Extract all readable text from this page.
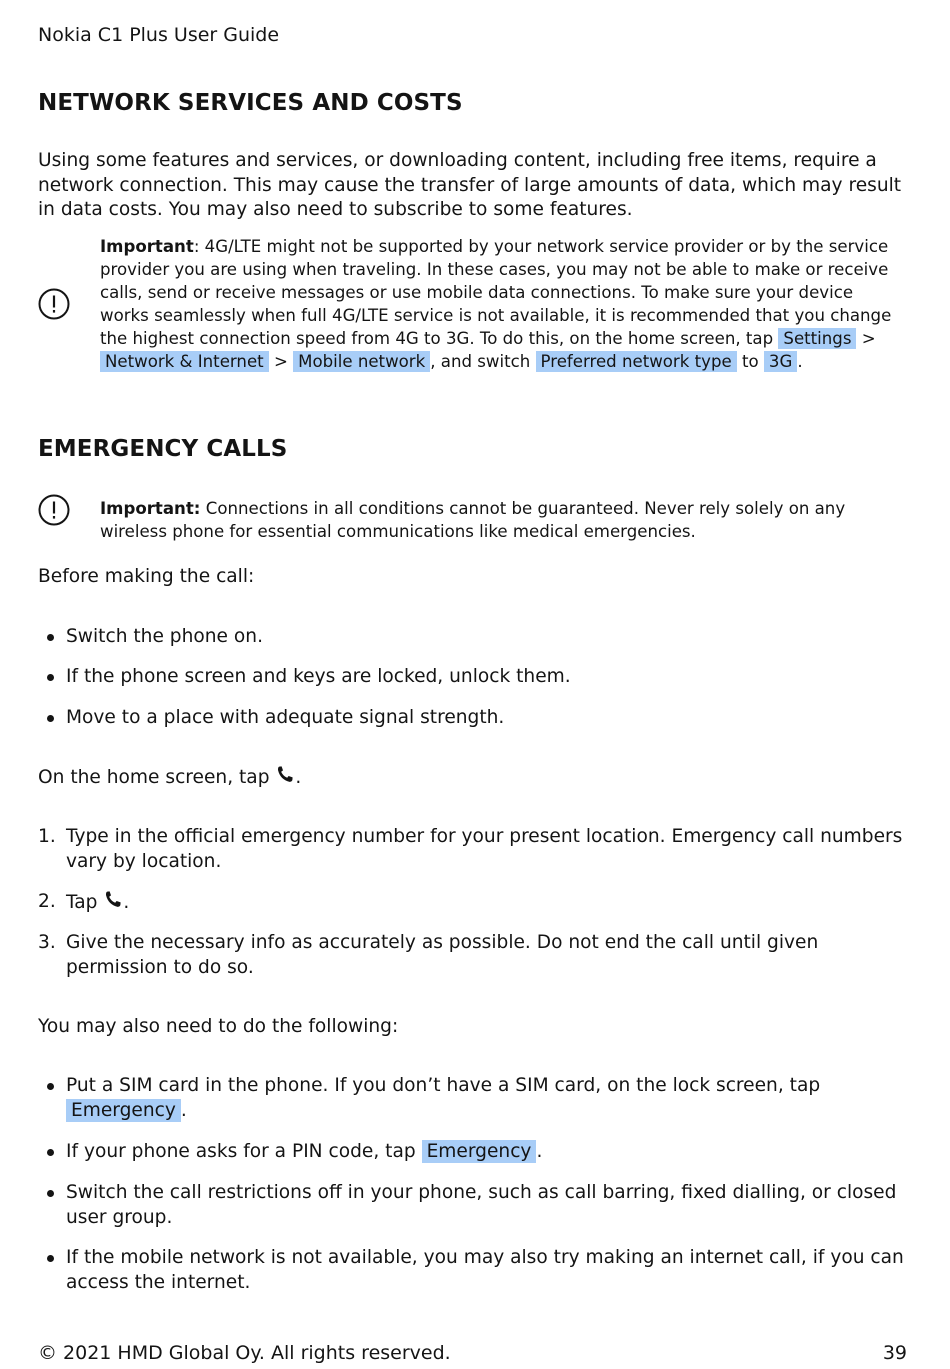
Nokia C1 Plus User Guide
NETWORK SERVICES AND COSTS
Using some features and services, or downloading content, including free items, require a network connection. This may cause the transfer of large amounts of data, which may result in data costs. You may also need to subscribe to some features.
Important: 4G/LTE might not be supported by your network service provider or by the service provider you are using when traveling. In these cases, you may not be able to make or receive calls, send or receive messages or use mobile data connections. To make sure your device works seamlessly when full 4G/LTE service is not available, it is recommended that you change the highest connection speed from 4G to 3G. To do this, on the home screen, tap Settings > Network & Internet > Mobile network , and switch Preferred network type to 3G .
EMERGENCY CALLS
Important: Connections in all conditions cannot be guaranteed. Never rely solely on any wireless phone for essential communications like medical emergencies.
Before making the call:
Switch the phone on.
If the phone screen and keys are locked, unlock them.
Move to a place with adequate signal strength.
On the home screen, tap .
1. Type in the official emergency number for your present location. Emergency call numbers vary by location.
2. Tap .
3. Give the necessary info as accurately as possible. Do not end the call until given permission to do so.
You may also need to do the following:
Put a SIM card in the phone. If you don’t have a SIM card, on the lock screen, tap Emergency .
If your phone asks for a PIN code, tap Emergency .
Switch the call restrictions off in your phone, such as call barring, fixed dialling, or closed user group.
If the mobile network is not available, you may also try making an internet call, if you can access the internet.
© 2021 HMD Global Oy. All rights reserved.	39
